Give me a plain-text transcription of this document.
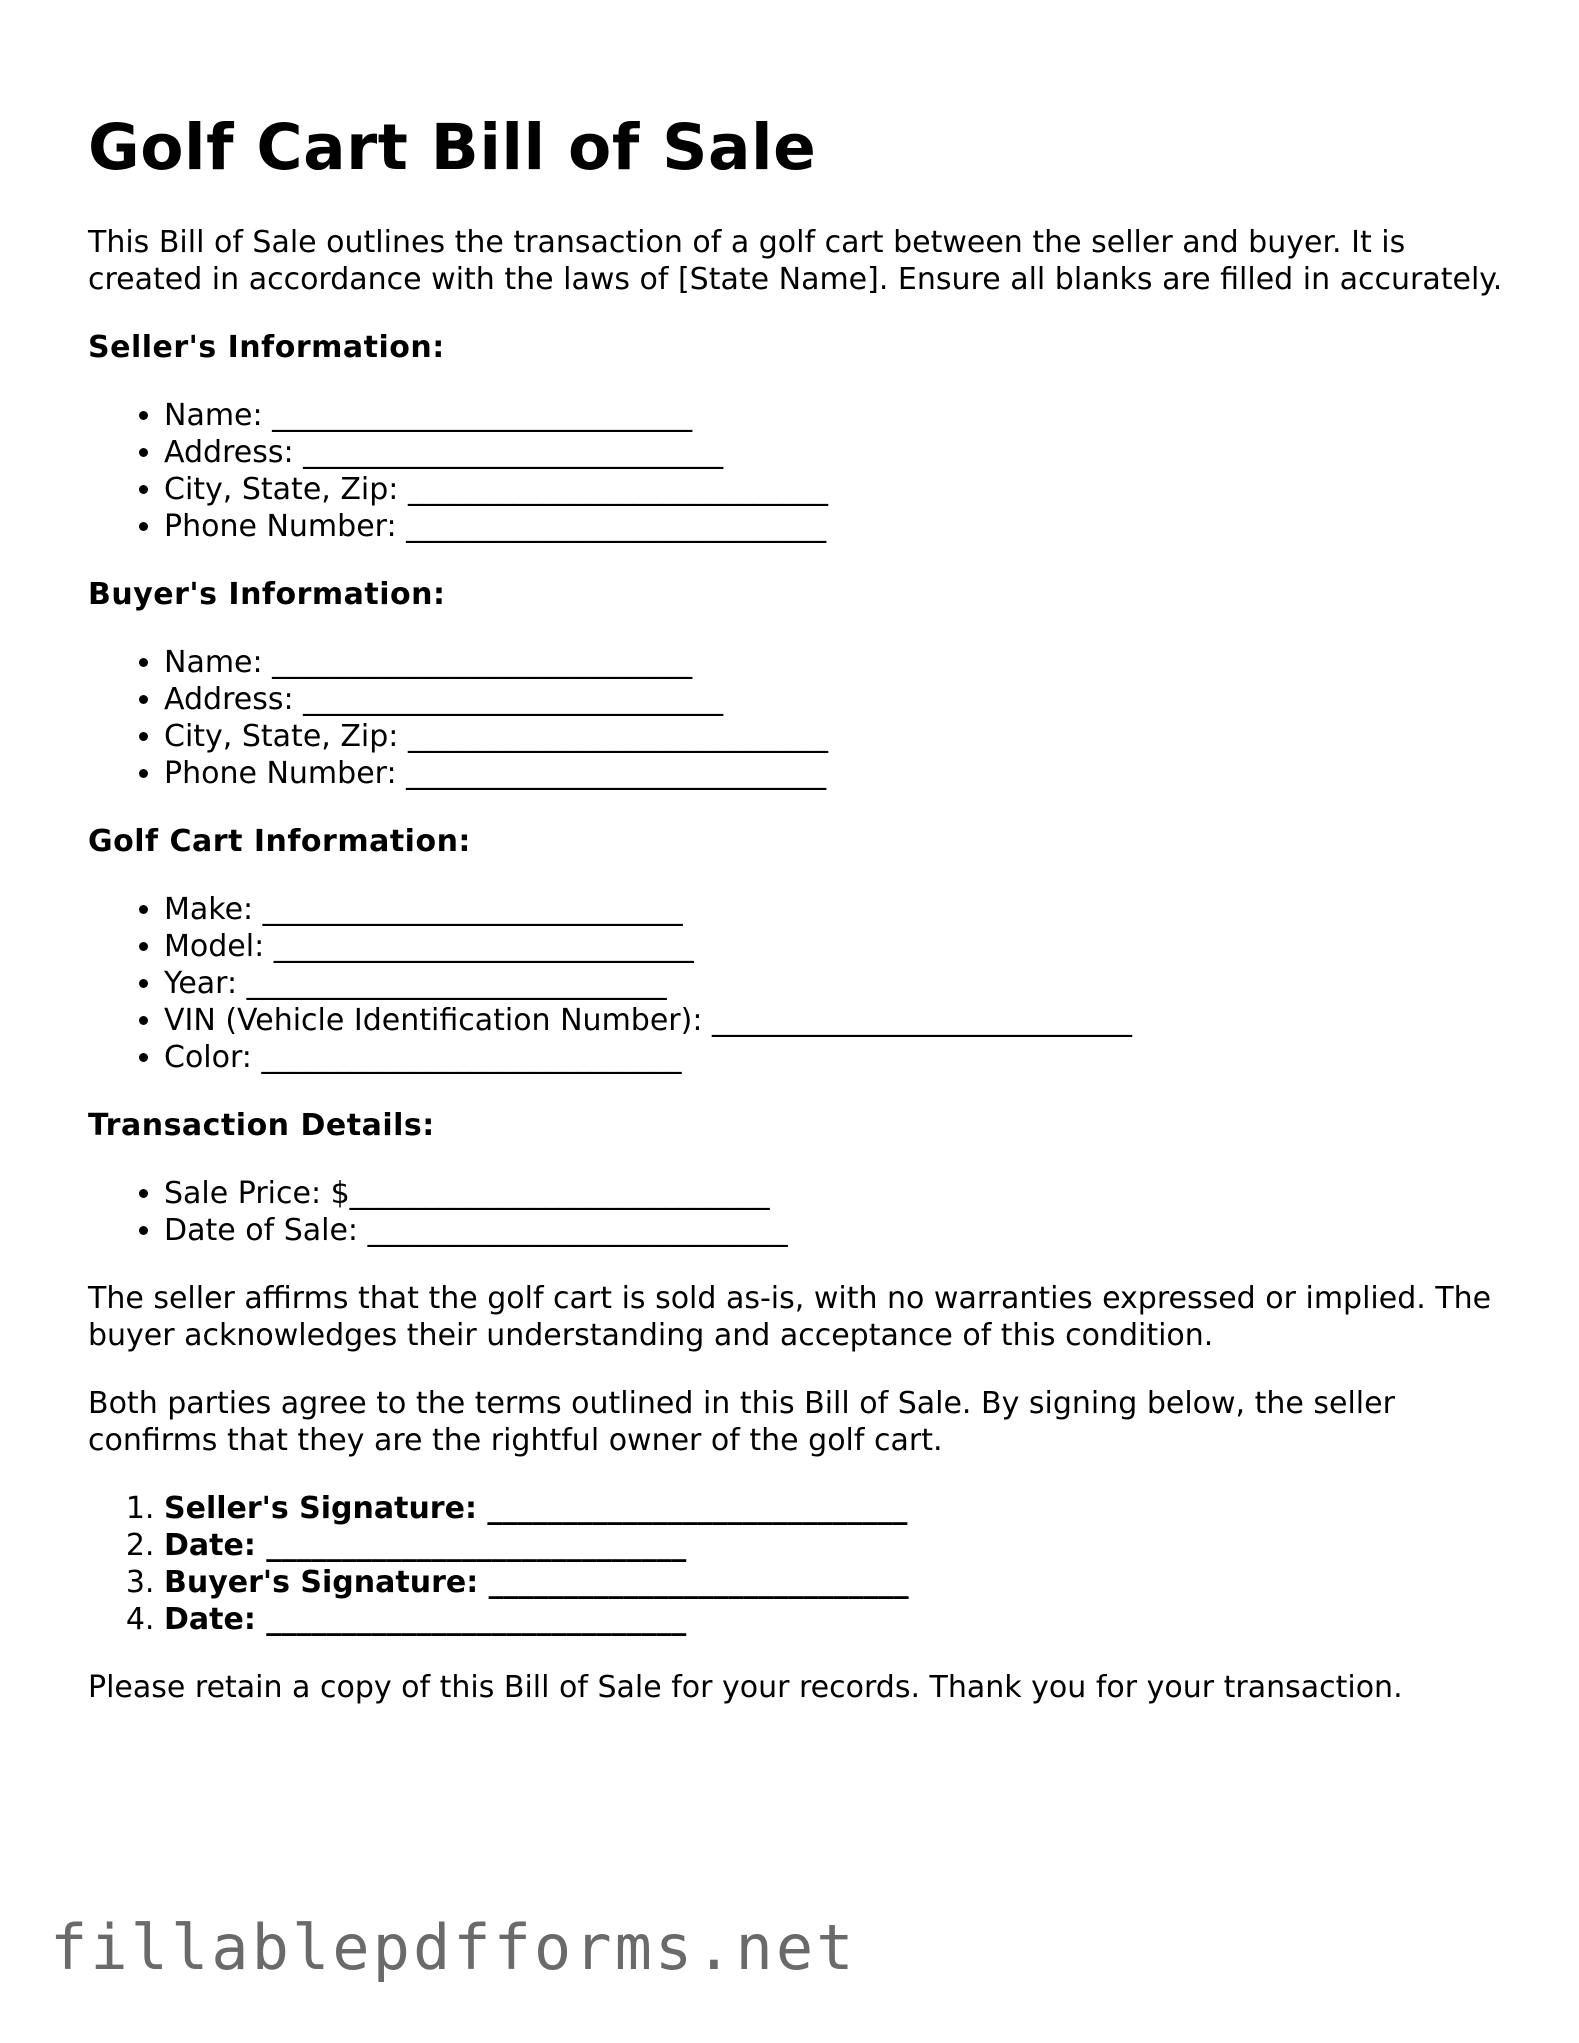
Golf Cart Bill of Sale

This Bill of Sale outlines the transaction of a golf cart between the seller and buyer. It is created in accordance with the laws of [State Name]. Ensure all blanks are filled in accurately.

Seller's Information:
• Name: ____________________________
• Address: ____________________________
• City, State, Zip: ____________________________
• Phone Number: ____________________________
Buyer's Information:
• Name: ____________________________
• Address: ____________________________
• City, State, Zip: ____________________________
• Phone Number: ____________________________
Golf Cart Information:
• Make: ____________________________
• Model: ____________________________
• Year: ____________________________
• VIN (Vehicle Identification Number): ____________________________
• Color: ____________________________
Transaction Details:
• Sale Price: $____________________________
• Date of Sale: ____________________________

The seller affirms that the golf cart is sold as-is, with no warranties expressed or implied. The buyer acknowledges their understanding and acceptance of this condition.

Both parties agree to the terms outlined in this Bill of Sale. By signing below, the seller confirms that they are the rightful owner of the golf cart.

1. Seller's Signature: ____________________________
2. Date: ____________________________
3. Buyer's Signature: ____________________________
4. Date: ____________________________

Please retain a copy of this Bill of Sale for your records. Thank you for your transaction.

fillablepdfforms.net
